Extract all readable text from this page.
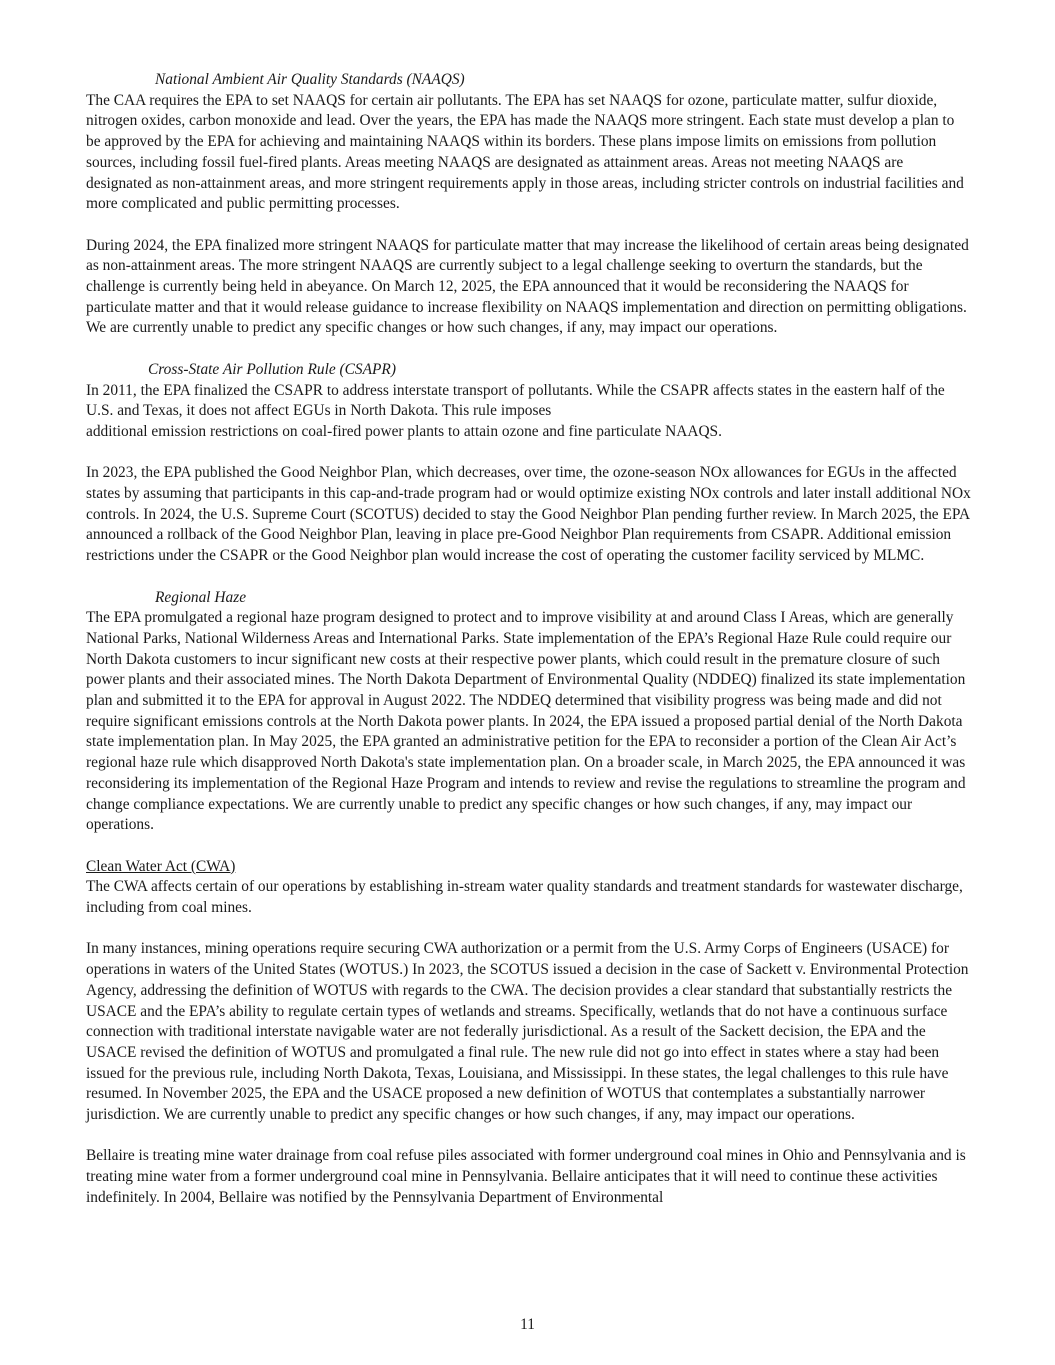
National Ambient Air Quality Standards (NAAQS)

The CAA requires the EPA to set NAAQS for certain air pollutants. The EPA has set NAAQS for ozone, particulate matter, sulfur dioxide, nitrogen oxides, carbon monoxide and lead. Over the years, the EPA has made the NAAQS more stringent. Each state must develop a plan to be approved by the EPA for achieving and maintaining NAAQS within its borders. These plans impose limits on emissions from pollution sources, including fossil fuel-fired plants. Areas meeting NAAQS are designated as attainment areas. Areas not meeting NAAQS are designated as non-attainment areas, and more stringent requirements apply in those areas, including stricter controls on industrial facilities and more complicated and public permitting processes.

During 2024, the EPA finalized more stringent NAAQS for particulate matter that may increase the likelihood of certain areas being designated as non-attainment areas. The more stringent NAAQS are currently subject to a legal challenge seeking to overturn the standards, but the challenge is currently being held in abeyance. On March 12, 2025, the EPA announced that it would be reconsidering the NAAQS for particulate matter and that it would release guidance to increase flexibility on NAAQS implementation and direction on permitting obligations. We are currently unable to predict any specific changes or how such changes, if any, may impact our operations.

Cross-State Air Pollution Rule (CSAPR)

In 2011, the EPA finalized the CSAPR to address interstate transport of pollutants. While the CSAPR affects states in the eastern half of the U.S. and Texas, it does not affect EGUs in North Dakota. This rule imposes

additional emission restrictions on coal-fired power plants to attain ozone and fine particulate NAAQS.

In 2023, the EPA published the Good Neighbor Plan, which decreases, over time, the ozone-season NOx allowances for EGUs in the affected states by assuming that participants in this cap-and-trade program had or would optimize existing NOx controls and later install additional NOx controls. In 2024, the U.S. Supreme Court (SCOTUS) decided to stay the Good Neighbor Plan pending further review. In March 2025, the EPA announced a rollback of the Good Neighbor Plan, leaving in place pre-Good Neighbor Plan requirements from CSAPR. Additional emission restrictions under the CSAPR or the Good Neighbor plan would increase the cost of operating the customer facility serviced by MLMC.

Regional Haze

The EPA promulgated a regional haze program designed to protect and to improve visibility at and around Class I Areas, which are generally National Parks, National Wilderness Areas and International Parks. State implementation of the EPA’s Regional Haze Rule could require our North Dakota customers to incur significant new costs at their respective power plants, which could result in the premature closure of such power plants and their associated mines. The North Dakota Department of Environmental Quality (NDDEQ) finalized its state implementation plan and submitted it to the EPA for approval in August 2022. The NDDEQ determined that visibility progress was being made and did not require significant emissions controls at the North Dakota power plants. In 2024, the EPA issued a proposed partial denial of the North Dakota state implementation plan. In May 2025, the EPA granted an administrative petition for the EPA to reconsider a portion of the Clean Air Act’s regional haze rule which disapproved North Dakota's state implementation plan. On a broader scale, in March 2025, the EPA announced it was reconsidering its implementation of the Regional Haze Program and intends to review and revise the regulations to streamline the program and change compliance expectations. We are currently unable to predict any specific changes or how such changes, if any, may impact our operations.

Clean Water Act (CWA)

The CWA affects certain of our operations by establishing in-stream water quality standards and treatment standards for wastewater discharge, including from coal mines.

In many instances, mining operations require securing CWA authorization or a permit from the U.S. Army Corps of Engineers (USACE) for operations in waters of the United States (WOTUS.) In 2023, the SCOTUS issued a decision in the case of Sackett v. Environmental Protection Agency, addressing the definition of WOTUS with regards to the CWA. The decision provides a clear standard that substantially restricts the USACE and the EPA’s ability to regulate certain types of wetlands and streams. Specifically, wetlands that do not have a continuous surface connection with traditional interstate navigable water are not federally jurisdictional. As a result of the Sackett decision, the EPA and the USACE revised the definition of WOTUS and promulgated a final rule. The new rule did not go into effect in states where a stay had been issued for the previous rule, including North Dakota, Texas, Louisiana, and Mississippi. In these states, the legal challenges to this rule have resumed. In November 2025, the EPA and the USACE proposed a new definition of WOTUS that contemplates a substantially narrower jurisdiction. We are currently unable to predict any specific changes or how such changes, if any, may impact our operations.

Bellaire is treating mine water drainage from coal refuse piles associated with former underground coal mines in Ohio and Pennsylvania and is treating mine water from a former underground coal mine in Pennsylvania. Bellaire anticipates that it will need to continue these activities indefinitely. In 2004, Bellaire was notified by the Pennsylvania Department of Environmental

11
